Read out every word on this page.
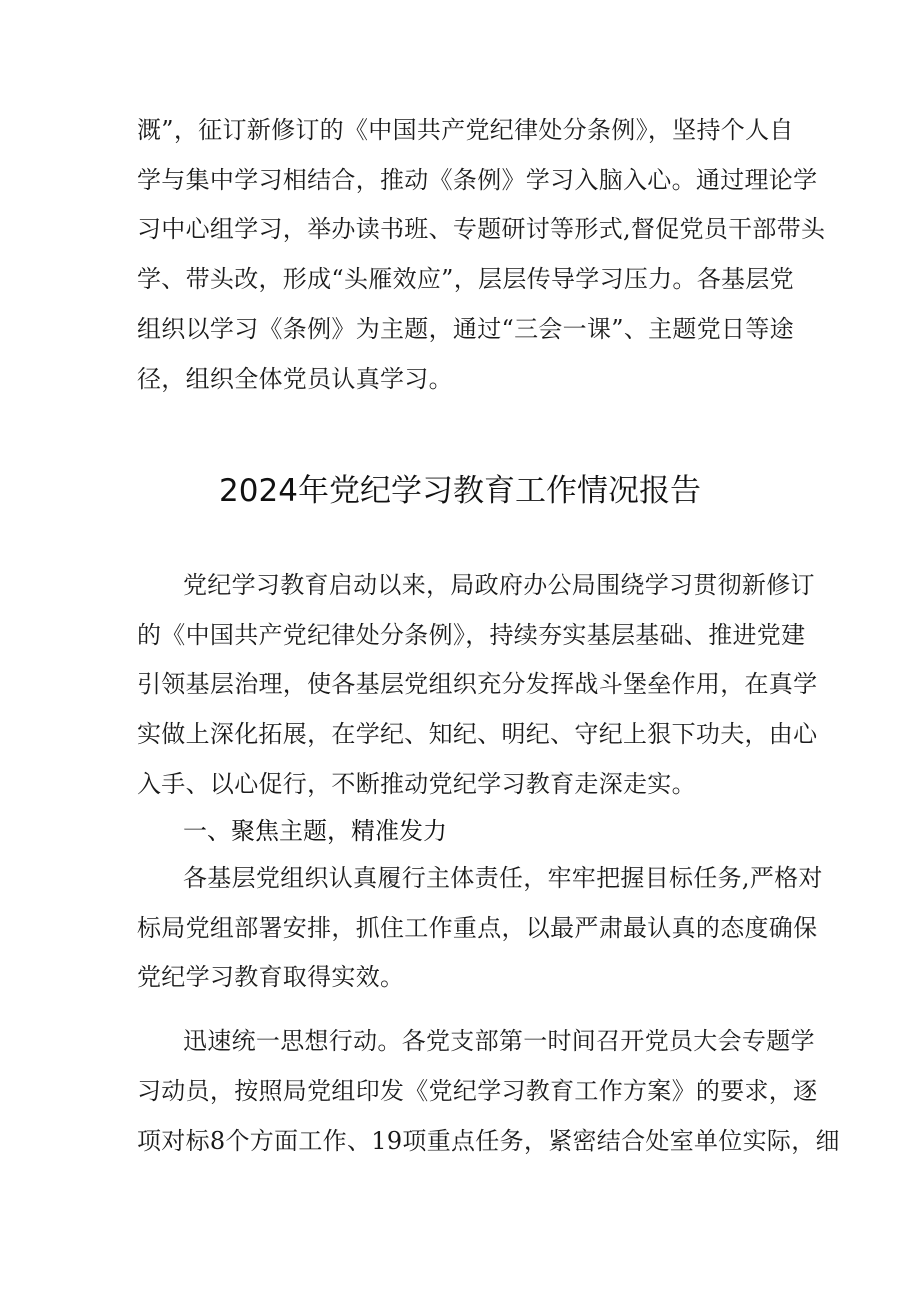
溉”，征订新修订的《中国共产党纪律处分条例》，坚持个人自
学与集中学习相结合，推动《条例》学习入脑入心。通过理论学
习中心组学习，举办读书班、专题研讨等形式,督促党员干部带头
学、带头改，形成“头雁效应”，层层传导学习压力。各基层党
组织以学习《条例》为主题，通过“三会一课”、主题党日等途
径，组织全体党员认真学习。
2024年党纪学习教育工作情况报告
党纪学习教育启动以来，局政府办公局围绕学习贯彻新修订
的《中国共产党纪律处分条例》，持续夯实基层基础、推进党建
引领基层治理，使各基层党组织充分发挥战斗堡垒作用，在真学
实做上深化拓展，在学纪、知纪、明纪、守纪上狠下功夫，由心
入手、以心促行，不断推动党纪学习教育走深走实。
一、聚焦主题，精准发力
各基层党组织认真履行主体责任，牢牢把握目标任务,严格对
标局党组部署安排，抓住工作重点，以最严肃最认真的态度确保
党纪学习教育取得实效。
迅速统一思想行动。各党支部第一时间召开党员大会专题学
习动员，按照局党组印发《党纪学习教育工作方案》的要求，逐
项对标8个方面工作、19项重点任务，紧密结合处室单位实际，细
